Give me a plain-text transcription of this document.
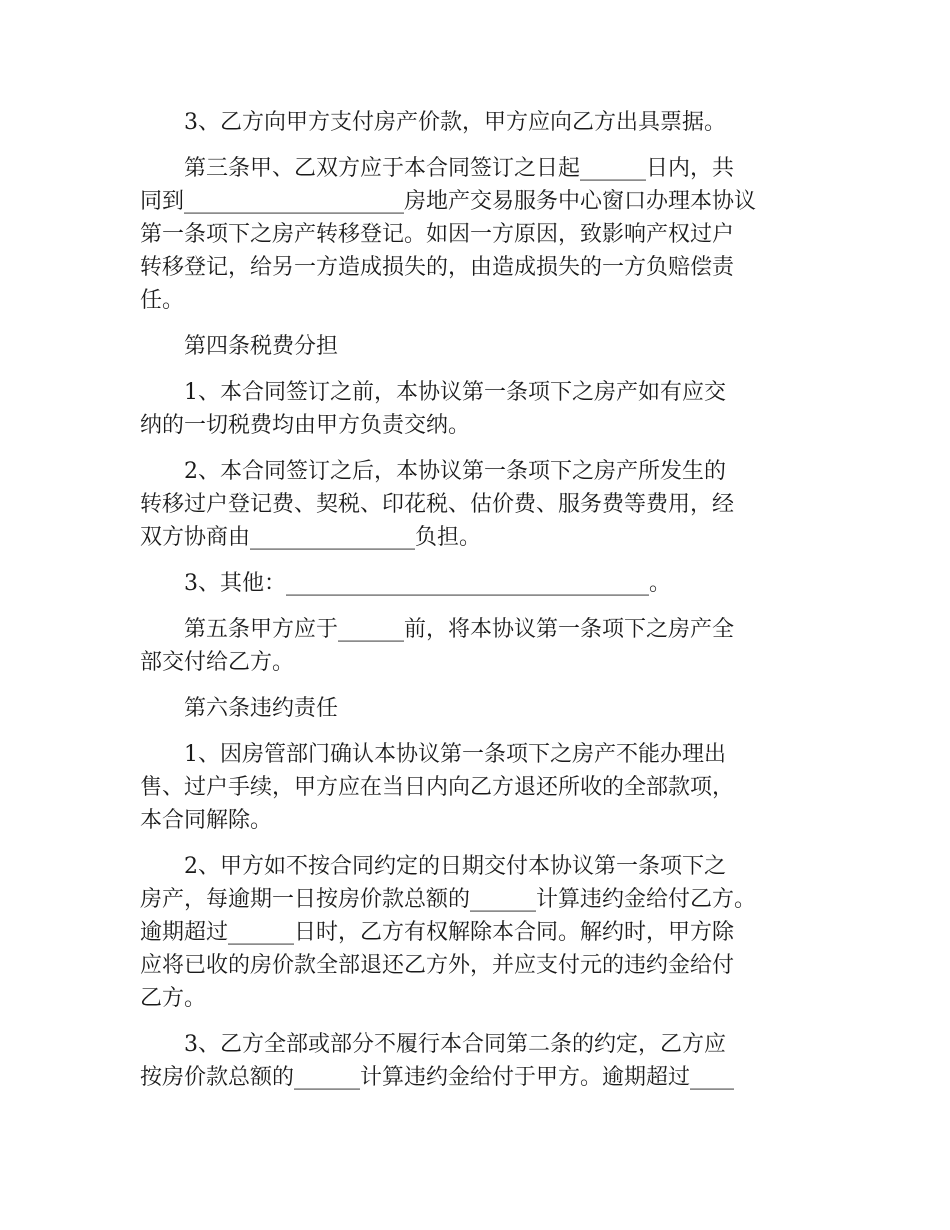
3、乙方向甲方支付房产价款，甲方应向乙方出具票据。
第三条甲、乙双方应于本合同签订之日起______日内，共
同到____________________房地产交易服务中心窗口办理本协议
第一条项下之房产转移登记。如因一方原因，致影响产权过户
转移登记，给另一方造成损失的，由造成损失的一方负赔偿责
任。
第四条税费分担
1、本合同签订之前，本协议第一条项下之房产如有应交
纳的一切税费均由甲方负责交纳。
2、本合同签订之后，本协议第一条项下之房产所发生的
转移过户登记费、契税、印花税、估价费、服务费等费用，经
双方协商由_______________负担。
3、其他：_________________________________。
第五条甲方应于______前，将本协议第一条项下之房产全
部交付给乙方。
第六条违约责任
1、因房管部门确认本协议第一条项下之房产不能办理出
售、过户手续，甲方应在当日内向乙方退还所收的全部款项，
本合同解除。
2、甲方如不按合同约定的日期交付本协议第一条项下之
房产，每逾期一日按房价款总额的______计算违约金给付乙方。
逾期超过______日时，乙方有权解除本合同。解约时，甲方除
应将已收的房价款全部退还乙方外，并应支付元的违约金给付
乙方。
3、乙方全部或部分不履行本合同第二条的约定，乙方应
按房价款总额的______计算违约金给付于甲方。逾期超过____
